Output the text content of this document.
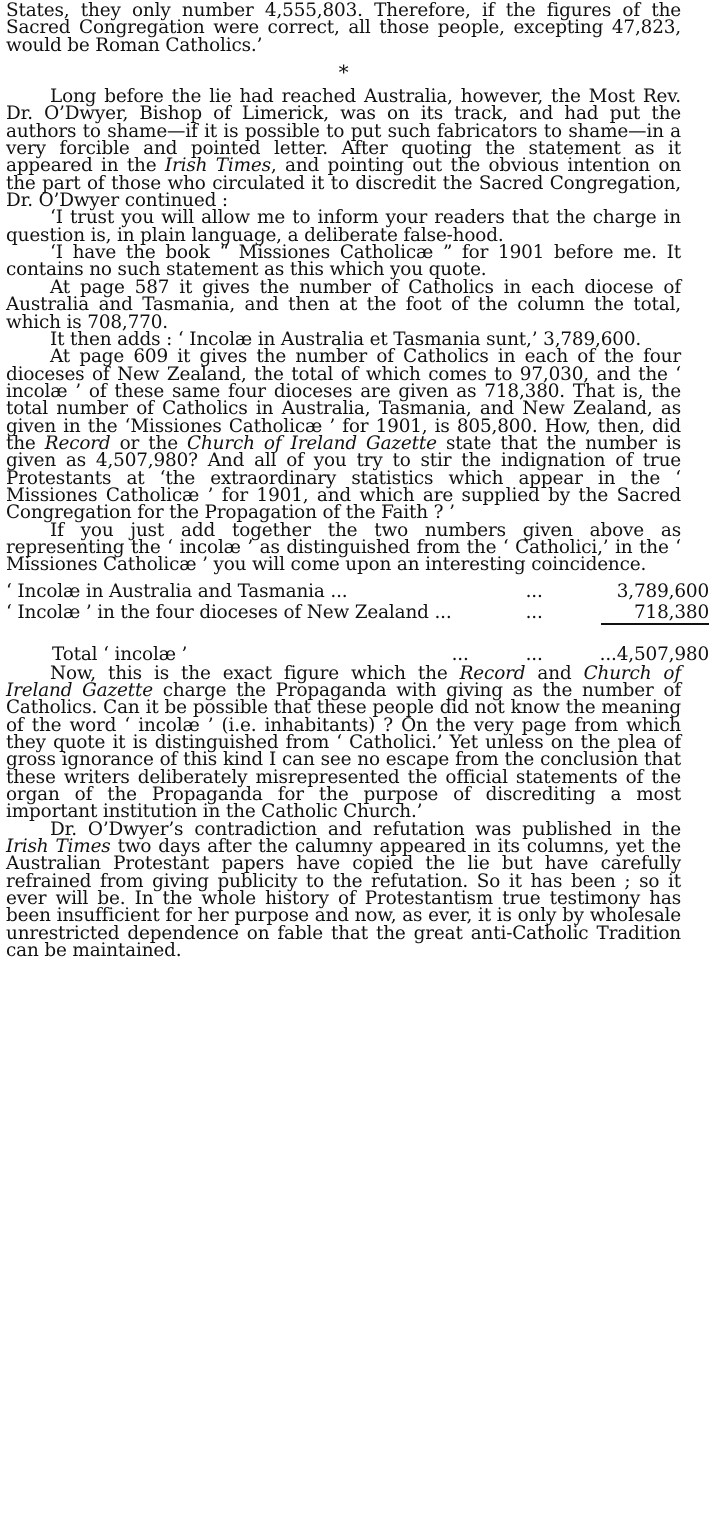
States, they only number 4,555,803. Therefore, if the figures of the Sacred Congregation were correct, all those people, excepting 47,823, would be Roman Catholics.’

*

Long before the lie had reached Australia, however, the Most Rev. Dr. O’Dwyer, Bishop of Limerick, was on its track, and had put the authors to shame—if it is possible to put such fabricators to shame—in a very forcible and pointed letter. After quoting the statement as it appeared in the Irish Times, and pointing out the obvious intention on the part of those who circulated it to discredit the Sacred Congregation, Dr. O’Dwyer continued :

‘I trust you will allow me to inform your readers that the charge in question is, in plain language, a deliberate false-hood.

‘I have the book “ Missiones Catholicæ ” for 1901 before me. It contains no such statement as this which you quote.

At page 587 it gives the number of Catholics in each diocese of Australia and Tasmania, and then at the foot of the column the total, which is 708,770.

It then adds : ‘ Incolæ in Australia et Tasmania sunt,’ 3,789,600.

At page 609 it gives the number of Catholics in each of the four dioceses of New Zealand, the total of which comes to 97,030, and the ‘ incolæ ’ of these same four dioceses are given as 718,380. That is, the total number of Catholics in Australia, Tasmania, and New Zealand, as given in the ‘Missiones Catholicæ ’ for 1901, is 805,800. How, then, did the Record or the Church of Ireland Gazette state that the number is given as 4,507,980? And all of you try to stir the indignation of true Protestants at ‘the extraordinary statistics which appear in the ‘ Missiones Catholicæ ’ for 1901, and which are supplied by the Sacred Congregation for the Propagation of the Faith ? ’

If you just add together the two numbers given above as representing the ‘ incolæ ’ as distinguished from the ‘ Catholici,’ in the ‘ Missiones Catholicæ ’ you will come upon an interesting coincidence.

‘ Incolæ in Australia and Tasmania ...	...	3,789,600
‘ Incolæ ’ in the four dioceses of New Zealand ...	...	718,380

Total ‘ incolæ ’	...          ...          ...	4,507,980

Now, this is the exact figure which the Record and Church of Ireland Gazette charge the Propaganda with giving as the number of Catholics. Can it be possible that these people did not know the meaning of the word ‘ incolæ ’ (i.e. inhabitants) ? On the very page from which they quote it is distinguished from ‘ Catholici.’ Yet unless on the plea of gross ignorance of this kind I can see no escape from the conclusion that these writers deliberately misrepresented the official statements of the organ of the Propaganda for the purpose of discrediting a most important institution in the Catholic Church.’

Dr. O’Dwyer’s contradiction and refutation was published in the Irish Times two days after the calumny appeared in its columns, yet the Australian Protestant papers have copied the lie but have carefully refrained from giving publicity to the refutation. So it has been ; so it ever will be. In the whole history of Protestantism true testimony has been insufficient for her purpose and now, as ever, it is only by wholesale unrestricted dependence on fable that the great anti-Catholic Tradition can be maintained.
